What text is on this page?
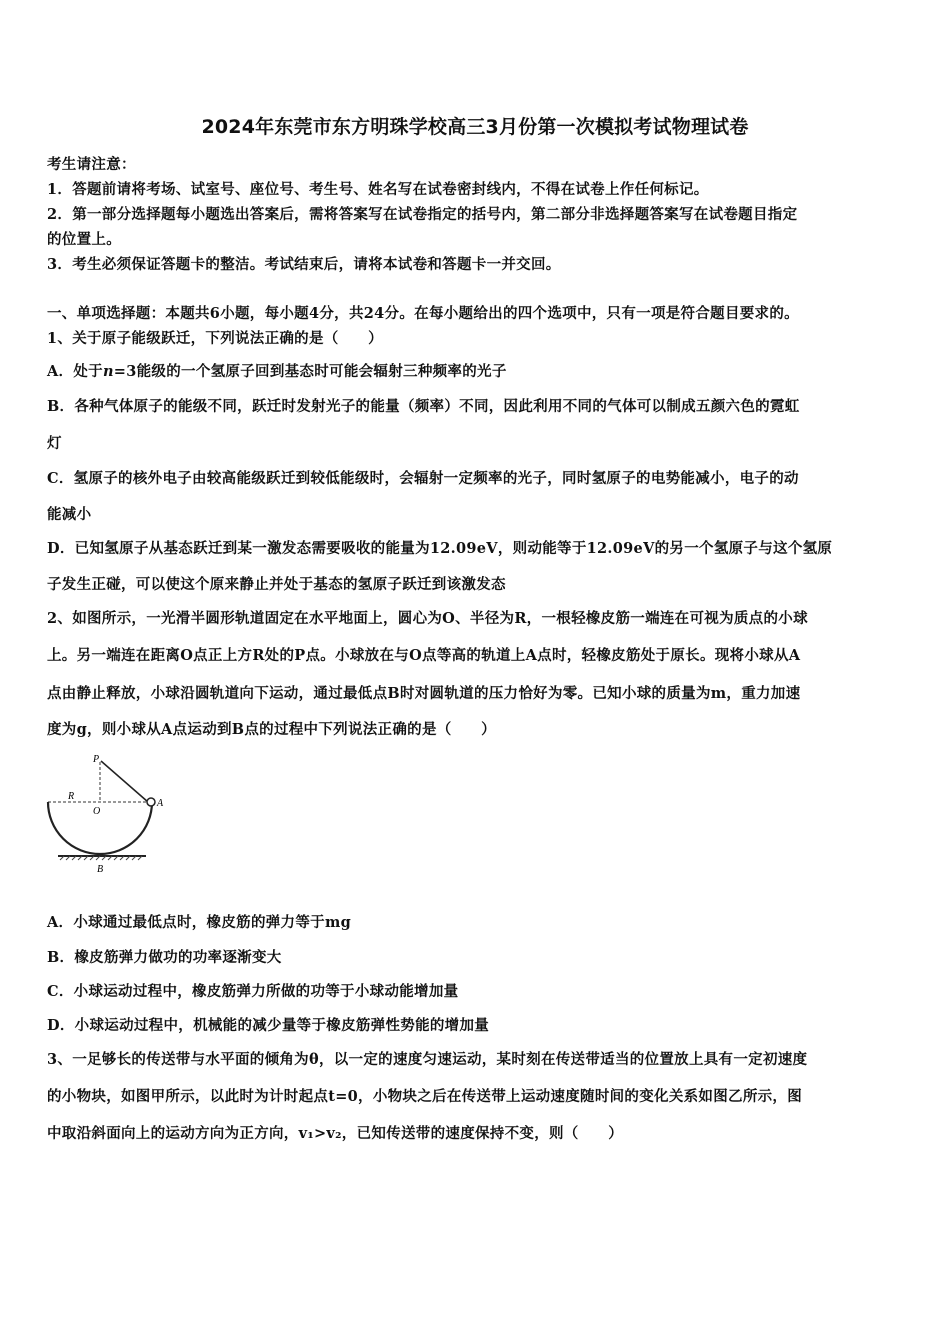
2024年东莞市东方明珠学校高三3月份第一次模拟考试物理试卷
考生请注意：
1．答题前请将考场、试室号、座位号、考生号、姓名写在试卷密封线内，不得在试卷上作任何标记。
2．第一部分选择题每小题选出答案后，需将答案写在试卷指定的括号内，第二部分非选择题答案写在试卷题目指定
的位置上。
3．考生必须保证答题卡的整洁。考试结束后，请将本试卷和答题卡一并交回。
一、单项选择题：本题共6小题，每小题4分，共24分。在每小题给出的四个选项中，只有一项是符合题目要求的。
1、关于原子能级跃迁，下列说法正确的是（　　）
A．处于n=3能级的一个氢原子回到基态时可能会辐射三种频率的光子
B．各种气体原子的能级不同，跃迁时发射光子的能量（频率）不同，因此利用不同的气体可以制成五颜六色的霓虹
灯
C．氢原子的核外电子由较高能级跃迁到较低能级时，会辐射一定频率的光子，同时氢原子的电势能减小，电子的动
能减小
D．已知氢原子从基态跃迁到某一激发态需要吸收的能量为12.09eV，则动能等于12.09eV的另一个氢原子与这个氢原
子发生正碰，可以使这个原来静止并处于基态的氢原子跃迁到该激发态
2、如图所示，一光滑半圆形轨道固定在水平地面上，圆心为O、半径为R，一根轻橡皮筋一端连在可视为质点的小球
上。另一端连在距离O点正上方R处的P点。小球放在与O点等高的轨道上A点时，轻橡皮筋处于原长。现将小球从A
点由静止释放，小球沿圆轨道向下运动，通过最低点B时对圆轨道的压力恰好为零。已知小球的质量为m，重力加速
度为g，则小球从A点运动到B点的过程中下列说法正确的是（　　）
P
R
O
A
B
A．小球通过最低点时，橡皮筋的弹力等于mg
B．橡皮筋弹力做功的功率逐渐变大
C．小球运动过程中，橡皮筋弹力所做的功等于小球动能增加量
D．小球运动过程中，机械能的减少量等于橡皮筋弹性势能的增加量
3、一足够长的传送带与水平面的倾角为θ，以一定的速度匀速运动，某时刻在传送带适当的位置放上具有一定初速度
的小物块，如图甲所示，以此时为计时起点t=0，小物块之后在传送带上运动速度随时间的变化关系如图乙所示，图
中取沿斜面向上的运动方向为正方向，v₁>v₂，已知传送带的速度保持不变，则（　　）
